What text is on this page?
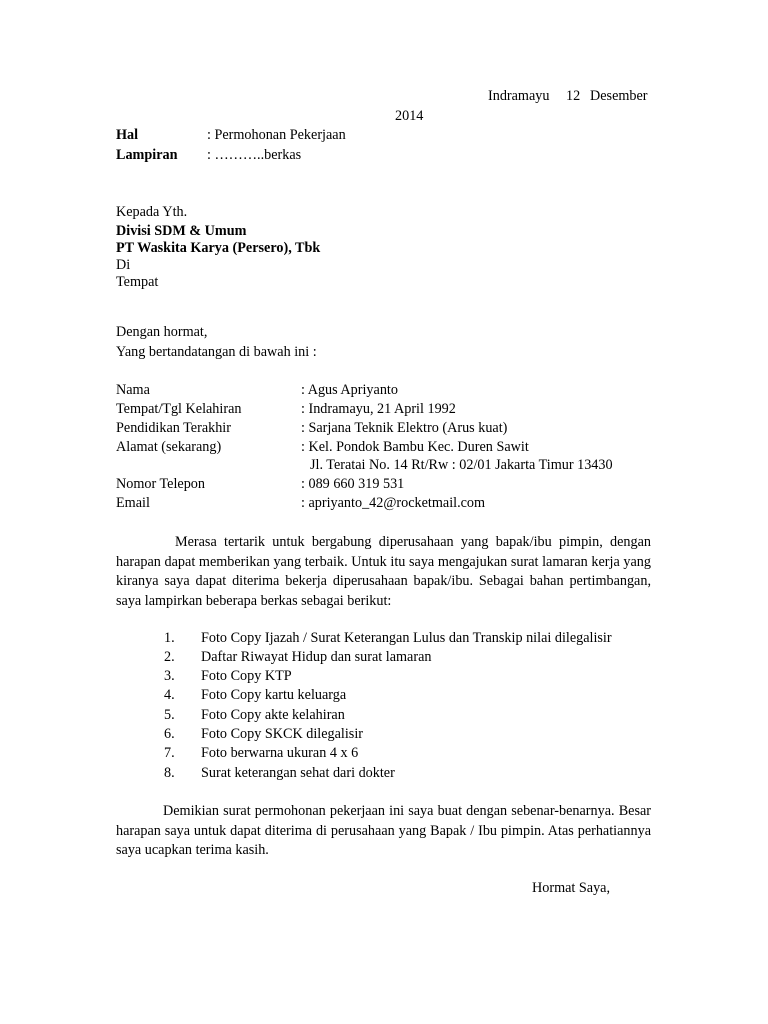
Indramayu 12 Desember
2014
Hal	: Permohonan Pekerjaan
Lampiran : ………..berkas
Kepada Yth.
Divisi SDM & Umum
PT Waskita Karya (Persero), Tbk
Di
Tempat
Dengan hormat,
Yang bertandatangan di bawah ini :
Nama	: Agus Apriyanto
Tempat/Tgl Kelahiran	: Indramayu, 21 April 1992
Pendidikan Terakhir	: Sarjana Teknik Elektro (Arus kuat)
Alamat (sekarang)	: Kel. Pondok Bambu Kec. Duren Sawit
Jl. Teratai No. 14 Rt/Rw : 02/01 Jakarta Timur 13430
Nomor Telepon	: 089 660 319 531
Email	: apriyanto_42@rocketmail.com
Merasa tertarik untuk bergabung diperusahaan yang bapak/ibu pimpin, dengan harapan dapat memberikan yang terbaik. Untuk itu saya mengajukan surat lamaran kerja yang kiranya saya dapat diterima bekerja diperusahaan bapak/ibu. Sebagai bahan pertimbangan, saya lampirkan beberapa berkas sebagai berikut:
1. Foto Copy Ijazah / Surat Keterangan Lulus dan Transkip nilai dilegalisir
2. Daftar Riwayat Hidup dan surat lamaran
3. Foto Copy KTP
4. Foto Copy kartu keluarga
5. Foto Copy akte kelahiran
6. Foto Copy SKCK dilegalisir
7. Foto berwarna ukuran 4 x 6
8. Surat keterangan sehat dari dokter
Demikian surat permohonan pekerjaan ini saya buat dengan sebenar-benarnya. Besar harapan saya untuk dapat diterima di perusahaan yang Bapak / Ibu pimpin. Atas perhatiannya saya ucapkan terima kasih.
Hormat Saya,
